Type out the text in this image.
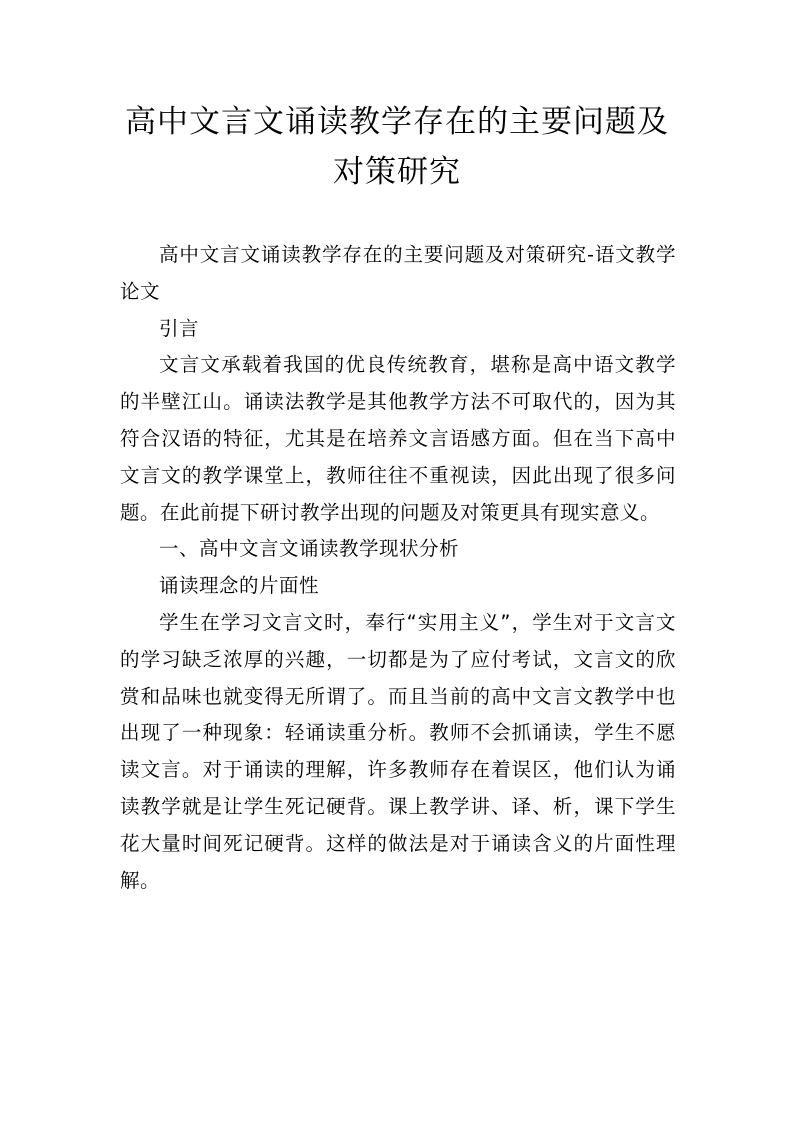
高中文言文诵读教学存在的主要问题及
对策研究

高中文言文诵读教学存在的主要问题及对策研究-语文教学论文

引言

文言文承载着我国的优良传统教育，堪称是高中语文教学的半壁江山。诵读法教学是其他教学方法不可取代的，因为其符合汉语的特征，尤其是在培养文言语感方面。但在当下高中文言文的教学课堂上，教师往往不重视读，因此出现了很多问题。在此前提下研讨教学出现的问题及对策更具有现实意义。

一、高中文言文诵读教学现状分析

诵读理念的片面性

学生在学习文言文时，奉行“实用主义”，学生对于文言文的学习缺乏浓厚的兴趣，一切都是为了应付考试，文言文的欣赏和品味也就变得无所谓了。而且当前的高中文言文教学中也出现了一种现象：轻诵读重分析。教师不会抓诵读，学生不愿读文言。对于诵读的理解，许多教师存在着误区，他们认为诵读教学就是让学生死记硬背。课上教学讲、译、析，课下学生花大量时间死记硬背。这样的做法是对于诵读含义的片面性理解。
